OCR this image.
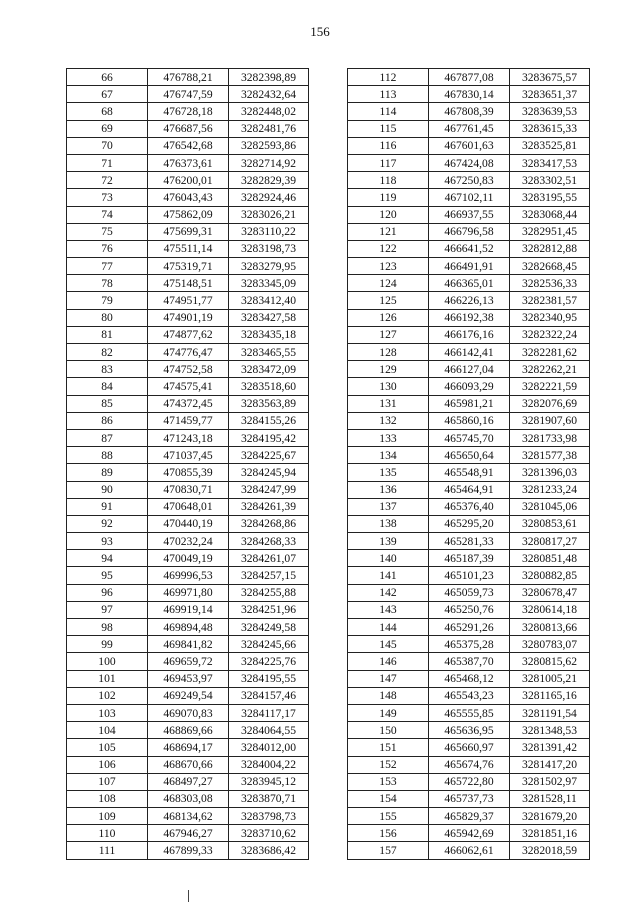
156
66	476788,21	3282398,89
67	476747,59	3282432,64
68	476728,18	3282448,02
69	476687,56	3282481,76
70	476542,68	3282593,86
71	476373,61	3282714,92
72	476200,01	3282829,39
73	476043,43	3282924,46
74	475862,09	3283026,21
75	475699,31	3283110,22
76	475511,14	3283198,73
77	475319,71	3283279,95
78	475148,51	3283345,09
79	474951,77	3283412,40
80	474901,19	3283427,58
81	474877,62	3283435,18
82	474776,47	3283465,55
83	474752,58	3283472,09
84	474575,41	3283518,60
85	474372,45	3283563,89
86	471459,77	3284155,26
87	471243,18	3284195,42
88	471037,45	3284225,67
89	470855,39	3284245,94
90	470830,71	3284247,99
91	470648,01	3284261,39
92	470440,19	3284268,86
93	470232,24	3284268,33
94	470049,19	3284261,07
95	469996,53	3284257,15
96	469971,80	3284255,88
97	469919,14	3284251,96
98	469894,48	3284249,58
99	469841,82	3284245,66
100	469659,72	3284225,76
101	469453,97	3284195,55
102	469249,54	3284157,46
103	469070,83	3284117,17
104	468869,66	3284064,55
105	468694,17	3284012,00
106	468670,66	3284004,22
107	468497,27	3283945,12
108	468303,08	3283870,71
109	468134,62	3283798,73
110	467946,27	3283710,62
111	467899,33	3283686,42
112	467877,08	3283675,57
113	467830,14	3283651,37
114	467808,39	3283639,53
115	467761,45	3283615,33
116	467601,63	3283525,81
117	467424,08	3283417,53
118	467250,83	3283302,51
119	467102,11	3283195,55
120	466937,55	3283068,44
121	466796,58	3282951,45
122	466641,52	3282812,88
123	466491,91	3282668,45
124	466365,01	3282536,33
125	466226,13	3282381,57
126	466192,38	3282340,95
127	466176,16	3282322,24
128	466142,41	3282281,62
129	466127,04	3282262,21
130	466093,29	3282221,59
131	465981,21	3282076,69
132	465860,16	3281907,60
133	465745,70	3281733,98
134	465650,64	3281577,38
135	465548,91	3281396,03
136	465464,91	3281233,24
137	465376,40	3281045,06
138	465295,20	3280853,61
139	465281,33	3280817,27
140	465187,39	3280851,48
141	465101,23	3280882,85
142	465059,73	3280678,47
143	465250,76	3280614,18
144	465291,26	3280813,66
145	465375,28	3280783,07
146	465387,70	3280815,62
147	465468,12	3281005,21
148	465543,23	3281165,16
149	465555,85	3281191,54
150	465636,95	3281348,53
151	465660,97	3281391,42
152	465674,76	3281417,20
153	465722,80	3281502,97
154	465737,73	3281528,11
155	465829,37	3281679,20
156	465942,69	3281851,16
157	466062,61	3282018,59
